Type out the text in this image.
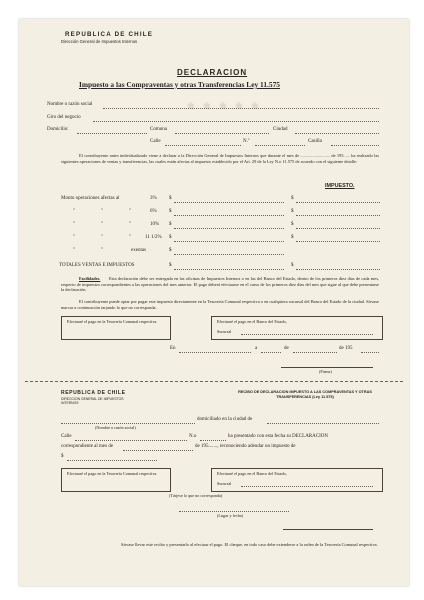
REPUBLICA DE CHILE
Dirección General de Impuestos Internos
DECLARACION
Impuesto a las Compraventas y otras Transferencias Ley 11.575
✱ ✱ ✱ ✱ ✱
Nombre o razón social
Giro del negocio
Domicilio:	Comuna	Ciudad
Calle	N.º	Casilla
El contribuyente antes individualizado viene a declarar a la Dirección General de Impuestos Internos que durante el mes de ........................... de 195...... ha realizado las siguientes operaciones de ventas y transferencias, las cuales están afectas al impuesto establecido por el Art. 29 de la Ley N.o 11.575 de acuerdo con el siguiente detalle:
IMPUESTO.
Monto operaciones afectas al	3% $	$
"	"	"	6% $	$
"	"	"	10% $	$
"	"	"	11 1/2% $	$
"	"	exentas	$
TOTALES VENTAS E IMPUESTOS	$	$
Facilidades.	Esta declaración debe ser entregada en las oficinas de Impuestos Internos o en las del Banco del Estado, dentro de los primeros diez días de cada mes, respecto de impuestos correspondientes a las operaciones del mes anterior. El pago deberá efectuarse en el curso de los primeros diez días del mes que sigue al que debe presentarse la declaración.
El contribuyente puede optar por pagar este impuesto directamente en la Tesorería Comunal respectiva o en cualquiera sucursal del Banco del Estado de la ciudad. Sírvase marcar a continuación tarjando lo que no corresponda.
Efectuaré el pago en la Tesorería Comunal respectiva.	Efectuaré el pago en el Banco del Estado,
Sucursal
En	a	de	de 195
(Firma)
REPUBLICA DE CHILE
DIRECCION GENERAL DE IMPUESTOS INTERNOS
RECIBO DE DECLARACION IMPUESTO A LAS COMPRAVENTAS Y OTRAS TRANSFERENCIAS (Ley 11.575)
domiciliado en la ciudad de
(Nombre o razón social)
Calle	N.o	ha presentado con esta fecha su DECLARACION
correspondiente al mes de	de 195......., reconociendo adeudar un impuesto de
$
Efectuaré el pago en la Tesorería Comunal respectiva.	Efectuaré el pago en el Banco del Estado,
Sucursal
(Tárjese lo que no corresponda)
(Lugar y fecha)
Sírvase llevar este recibo y presentarlo al efectuar el pago. El cheque, en todo caso debe extenderse a la orden de la Tesorería Comunal respectiva.
